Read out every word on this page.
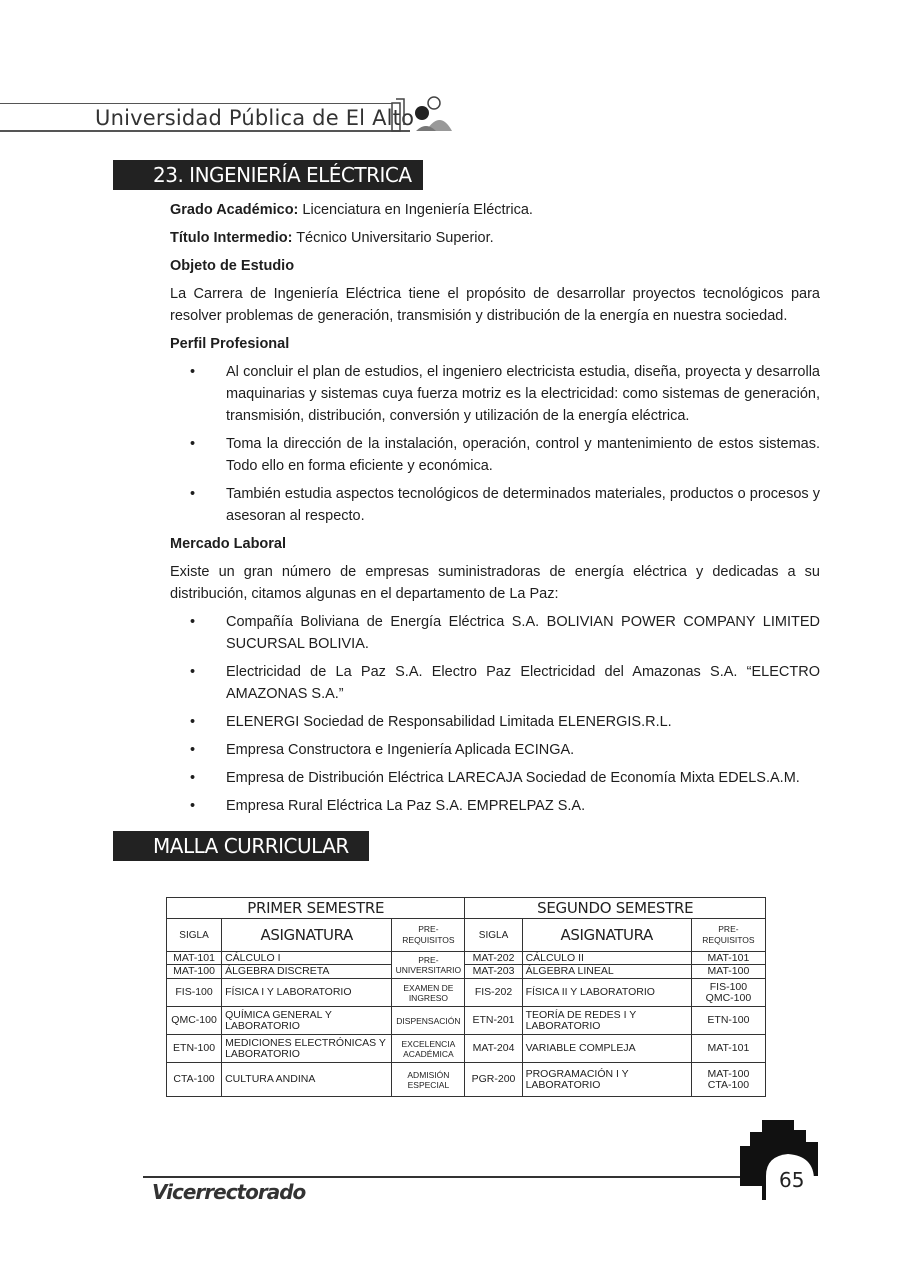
Universidad Pública de El Alto
23. INGENIERÍA ELÉCTRICA

Grado Académico: Licenciatura en Ingeniería Eléctrica.

Título Intermedio: Técnico Universitario Superior.

Objeto de Estudio

La Carrera de Ingeniería Eléctrica tiene el propósito de desarrollar proyectos tecnológicos para resolver problemas de generación, transmisión y distribución de la energía en nuestra sociedad.

Perfil Profesional

• Al concluir el plan de estudios, el ingeniero electricista estudia, diseña, proyecta y desarrolla maquinarias y sistemas cuya fuerza motriz es la electricidad: como sistemas de generación, transmisión, distribución, conversión y utilización de la energía eléctrica.
• Toma la dirección de la instalación, operación, control y mantenimiento de estos sistemas. Todo ello en forma eficiente y económica.
• También estudia aspectos tecnológicos de determinados materiales, productos o procesos y asesoran al respecto.

Mercado Laboral

Existe un gran número de empresas suministradoras de energía eléctrica y dedicadas a su distribución, citamos algunas en el departamento de La Paz:

• Compañía Boliviana de Energía Eléctrica S.A. BOLIVIAN POWER COMPANY LIMITED SUCURSAL BOLIVIA.
• Electricidad de La Paz S.A. Electro Paz Electricidad del Amazonas S.A. “ELECTRO AMAZONAS S.A.”
• ELENERGI Sociedad de Responsabilidad Limitada ELENERGIS.R.L.
• Empresa Constructora e Ingeniería Aplicada ECINGA.
• Empresa de Distribución Eléctrica LARECAJA Sociedad de Economía Mixta EDELS.A.M.
• Empresa Rural Eléctrica La Paz S.A. EMPRELPAZ S.A.
MALLA CURRICULAR
PRIMER SEMESTRE			SEGUNDO SEMESTRE		
SIGLA	ASIGNATURA	PRE-REQUISITOS	SIGLA	ASIGNATURA	PRE-REQUISITOS
MAT-101	CÁLCULO I	PRE-UNIVERSITARIO	MAT-202	CÁLCULO II	MAT-101
MAT-100	ÁLGEBRA DISCRETA		MAT-203	ÁLGEBRA LINEAL	MAT-100
FIS-100	FÍSICA I Y LABORATORIO	EXAMEN DE INGRESO	FIS-202	FÍSICA II Y LABORATORIO	FIS-100 QMC-100
QMC-100	QUÍMICA GENERAL Y LABORATORIO	DISPENSACIÓN	ETN-201	TEORÍA DE REDES I Y LABORATORIO	ETN-100
ETN-100	MEDICIONES ELECTRÓNICAS Y LABORATORIO	EXCELENCIA ACADÉMICA	MAT-204	VARIABLE COMPLEJA	MAT-101
CTA-100	CULTURA ANDINA	ADMISIÓN ESPECIAL	PGR-200	PROGRAMACIÓN I Y LABORATORIO	MAT-100 CTA-100
Vicerrectorado	65
